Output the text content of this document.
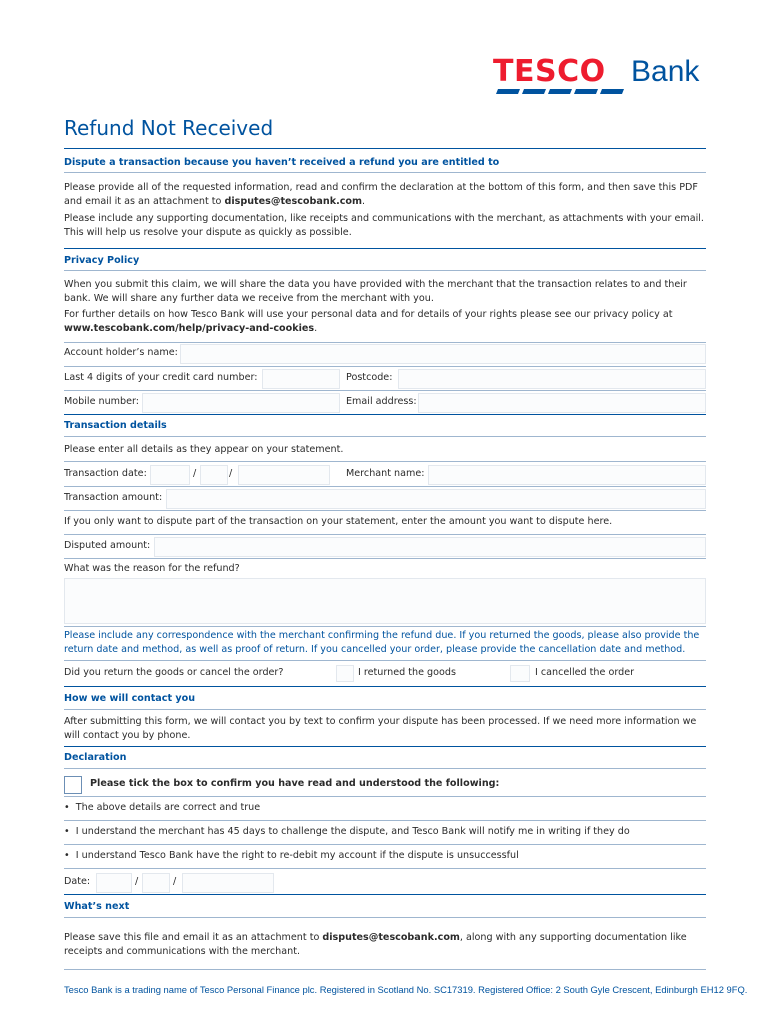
TESCO Bank
Refund Not Received
Dispute a transaction because you haven’t received a refund you are entitled to
Please provide all of the requested information, read and confirm the declaration at the bottom of this form, and then save this PDF and email it as an attachment to disputes@tescobank.com.
Please include any supporting documentation, like receipts and communications with the merchant, as attachments with your email. This will help us resolve your dispute as quickly as possible.
Privacy Policy
When you submit this claim, we will share the data you have provided with the merchant that the transaction relates to and their bank. We will share any further data we receive from the merchant with you.
For further details on how Tesco Bank will use your personal data and for details of your rights please see our privacy policy at www.tescobank.com/help/privacy-and-cookies.
Account holder’s name:
Last 4 digits of your credit card number:	Postcode:
Mobile number:	Email address:
Transaction details
Please enter all details as they appear on your statement.
Transaction date:	/	/	Merchant name:
Transaction amount:
If you only want to dispute part of the transaction on your statement, enter the amount you want to dispute here.
Disputed amount:
What was the reason for the refund?
Please include any correspondence with the merchant confirming the refund due. If you returned the goods, please also provide the return date and method, as well as proof of return. If you cancelled your order, please provide the cancellation date and method.
Did you return the goods or cancel the order?	I returned the goods	I cancelled the order
How we will contact you
After submitting this form, we will contact you by text to confirm your dispute has been processed. If we need more information we will contact you by phone.
Declaration
Please tick the box to confirm you have read and understood the following:
• The above details are correct and true
• I understand the merchant has 45 days to challenge the dispute, and Tesco Bank will notify me in writing if they do
• I understand Tesco Bank have the right to re-debit my account if the dispute is unsuccessful
Date:	/	/
What’s next
Please save this file and email it as an attachment to disputes@tescobank.com, along with any supporting documentation like receipts and communications with the merchant.
Tesco Bank is a trading name of Tesco Personal Finance plc. Registered in Scotland No. SC17319. Registered Office: 2 South Gyle Crescent, Edinburgh EH12 9FQ.
